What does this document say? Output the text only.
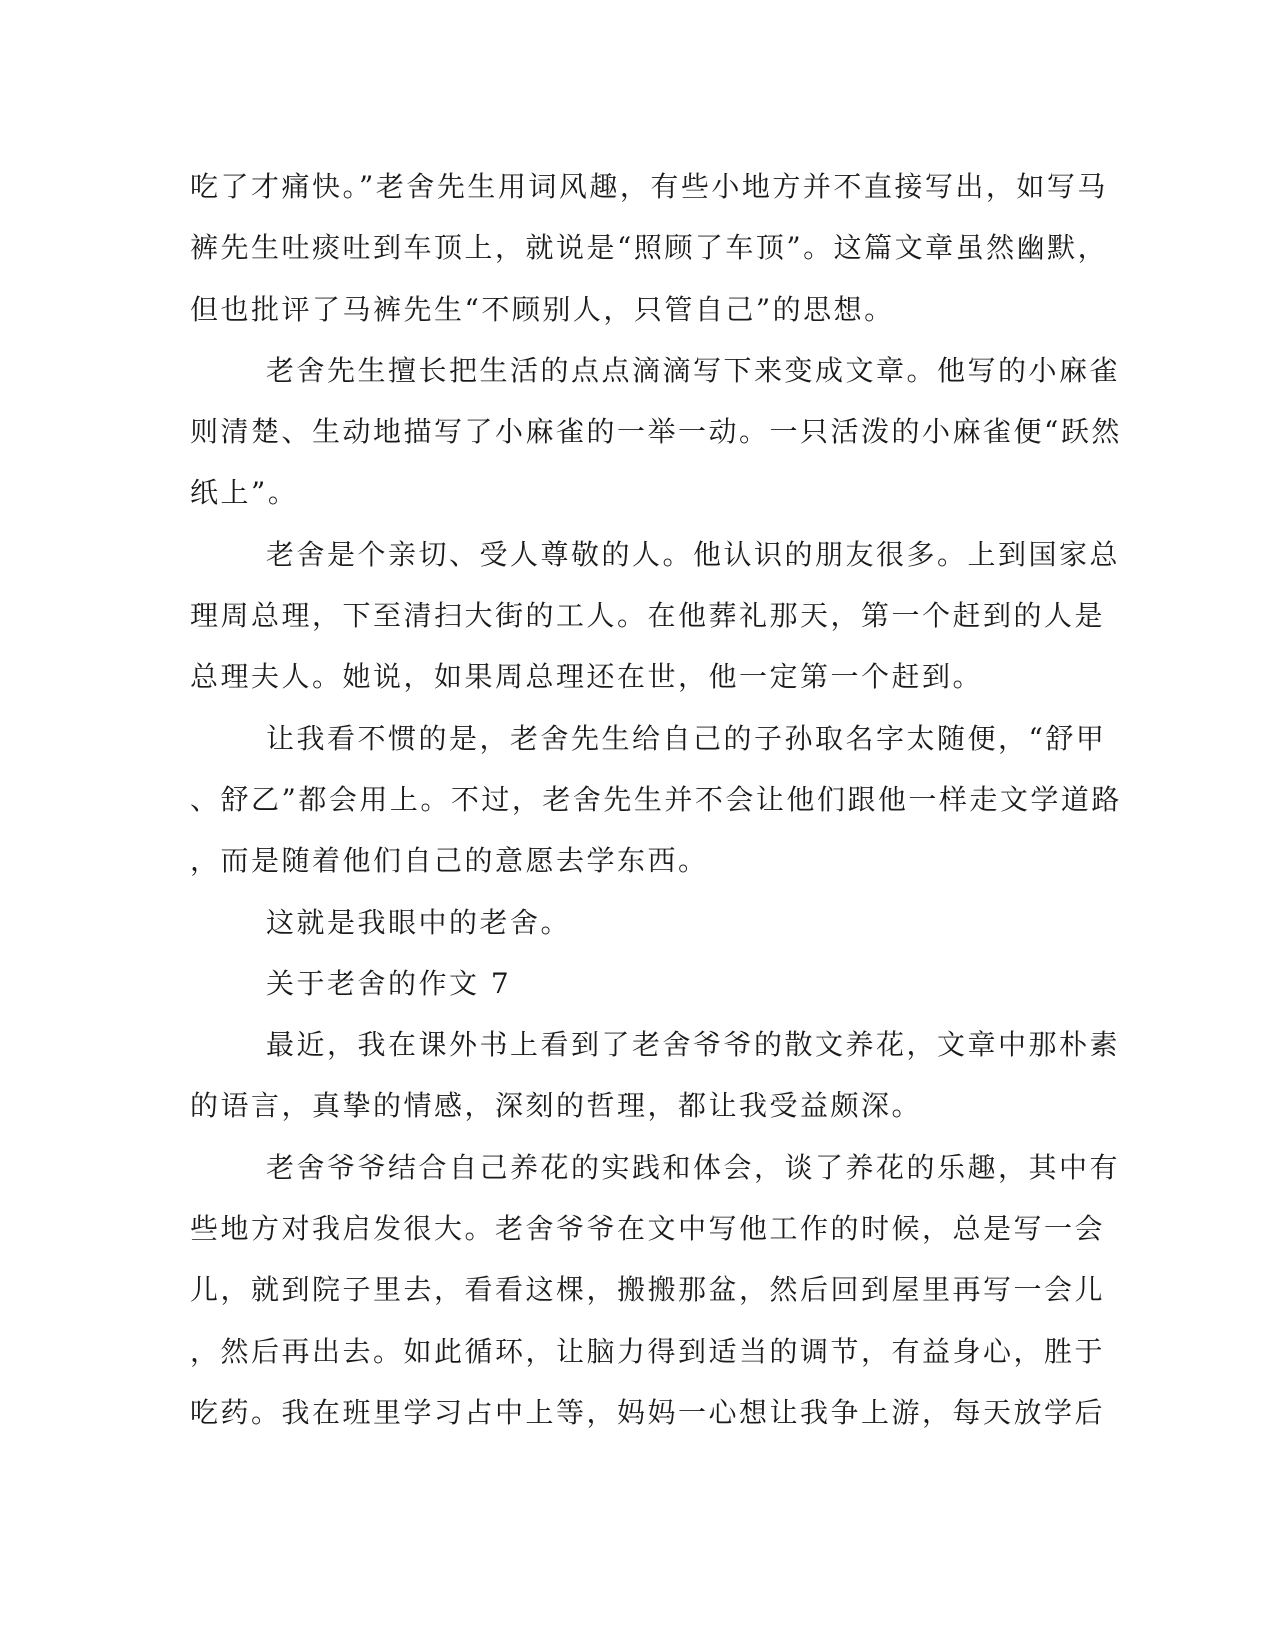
吃了才痛快。”老舍先生用词风趣，有些小地方并不直接写出，如写马
裤先生吐痰吐到车顶上，就说是“照顾了车顶”。这篇文章虽然幽默，
但也批评了马裤先生“不顾别人，只管自己”的思想。
老舍先生擅长把生活的点点滴滴写下来变成文章。他写的小麻雀
则清楚、生动地描写了小麻雀的一举一动。一只活泼的小麻雀便“跃然
纸上”。
老舍是个亲切、受人尊敬的人。他认识的朋友很多。上到国家总
理周总理，下至清扫大街的工人。在他葬礼那天，第一个赶到的人是
总理夫人。她说，如果周总理还在世，他一定第一个赶到。
让我看不惯的是，老舍先生给自己的子孙取名字太随便，“舒甲
、舒乙”都会用上。不过，老舍先生并不会让他们跟他一样走文学道路
，而是随着他们自己的意愿去学东西。
这就是我眼中的老舍。
关于老舍的作文 7
最近，我在课外书上看到了老舍爷爷的散文养花，文章中那朴素
的语言，真挚的情感，深刻的哲理，都让我受益颇深。
老舍爷爷结合自己养花的实践和体会，谈了养花的乐趣，其中有
些地方对我启发很大。老舍爷爷在文中写他工作的时候，总是写一会
儿，就到院子里去，看看这棵，搬搬那盆，然后回到屋里再写一会儿
，然后再出去。如此循环，让脑力得到适当的调节，有益身心，胜于
吃药。我在班里学习占中上等，妈妈一心想让我争上游，每天放学后
